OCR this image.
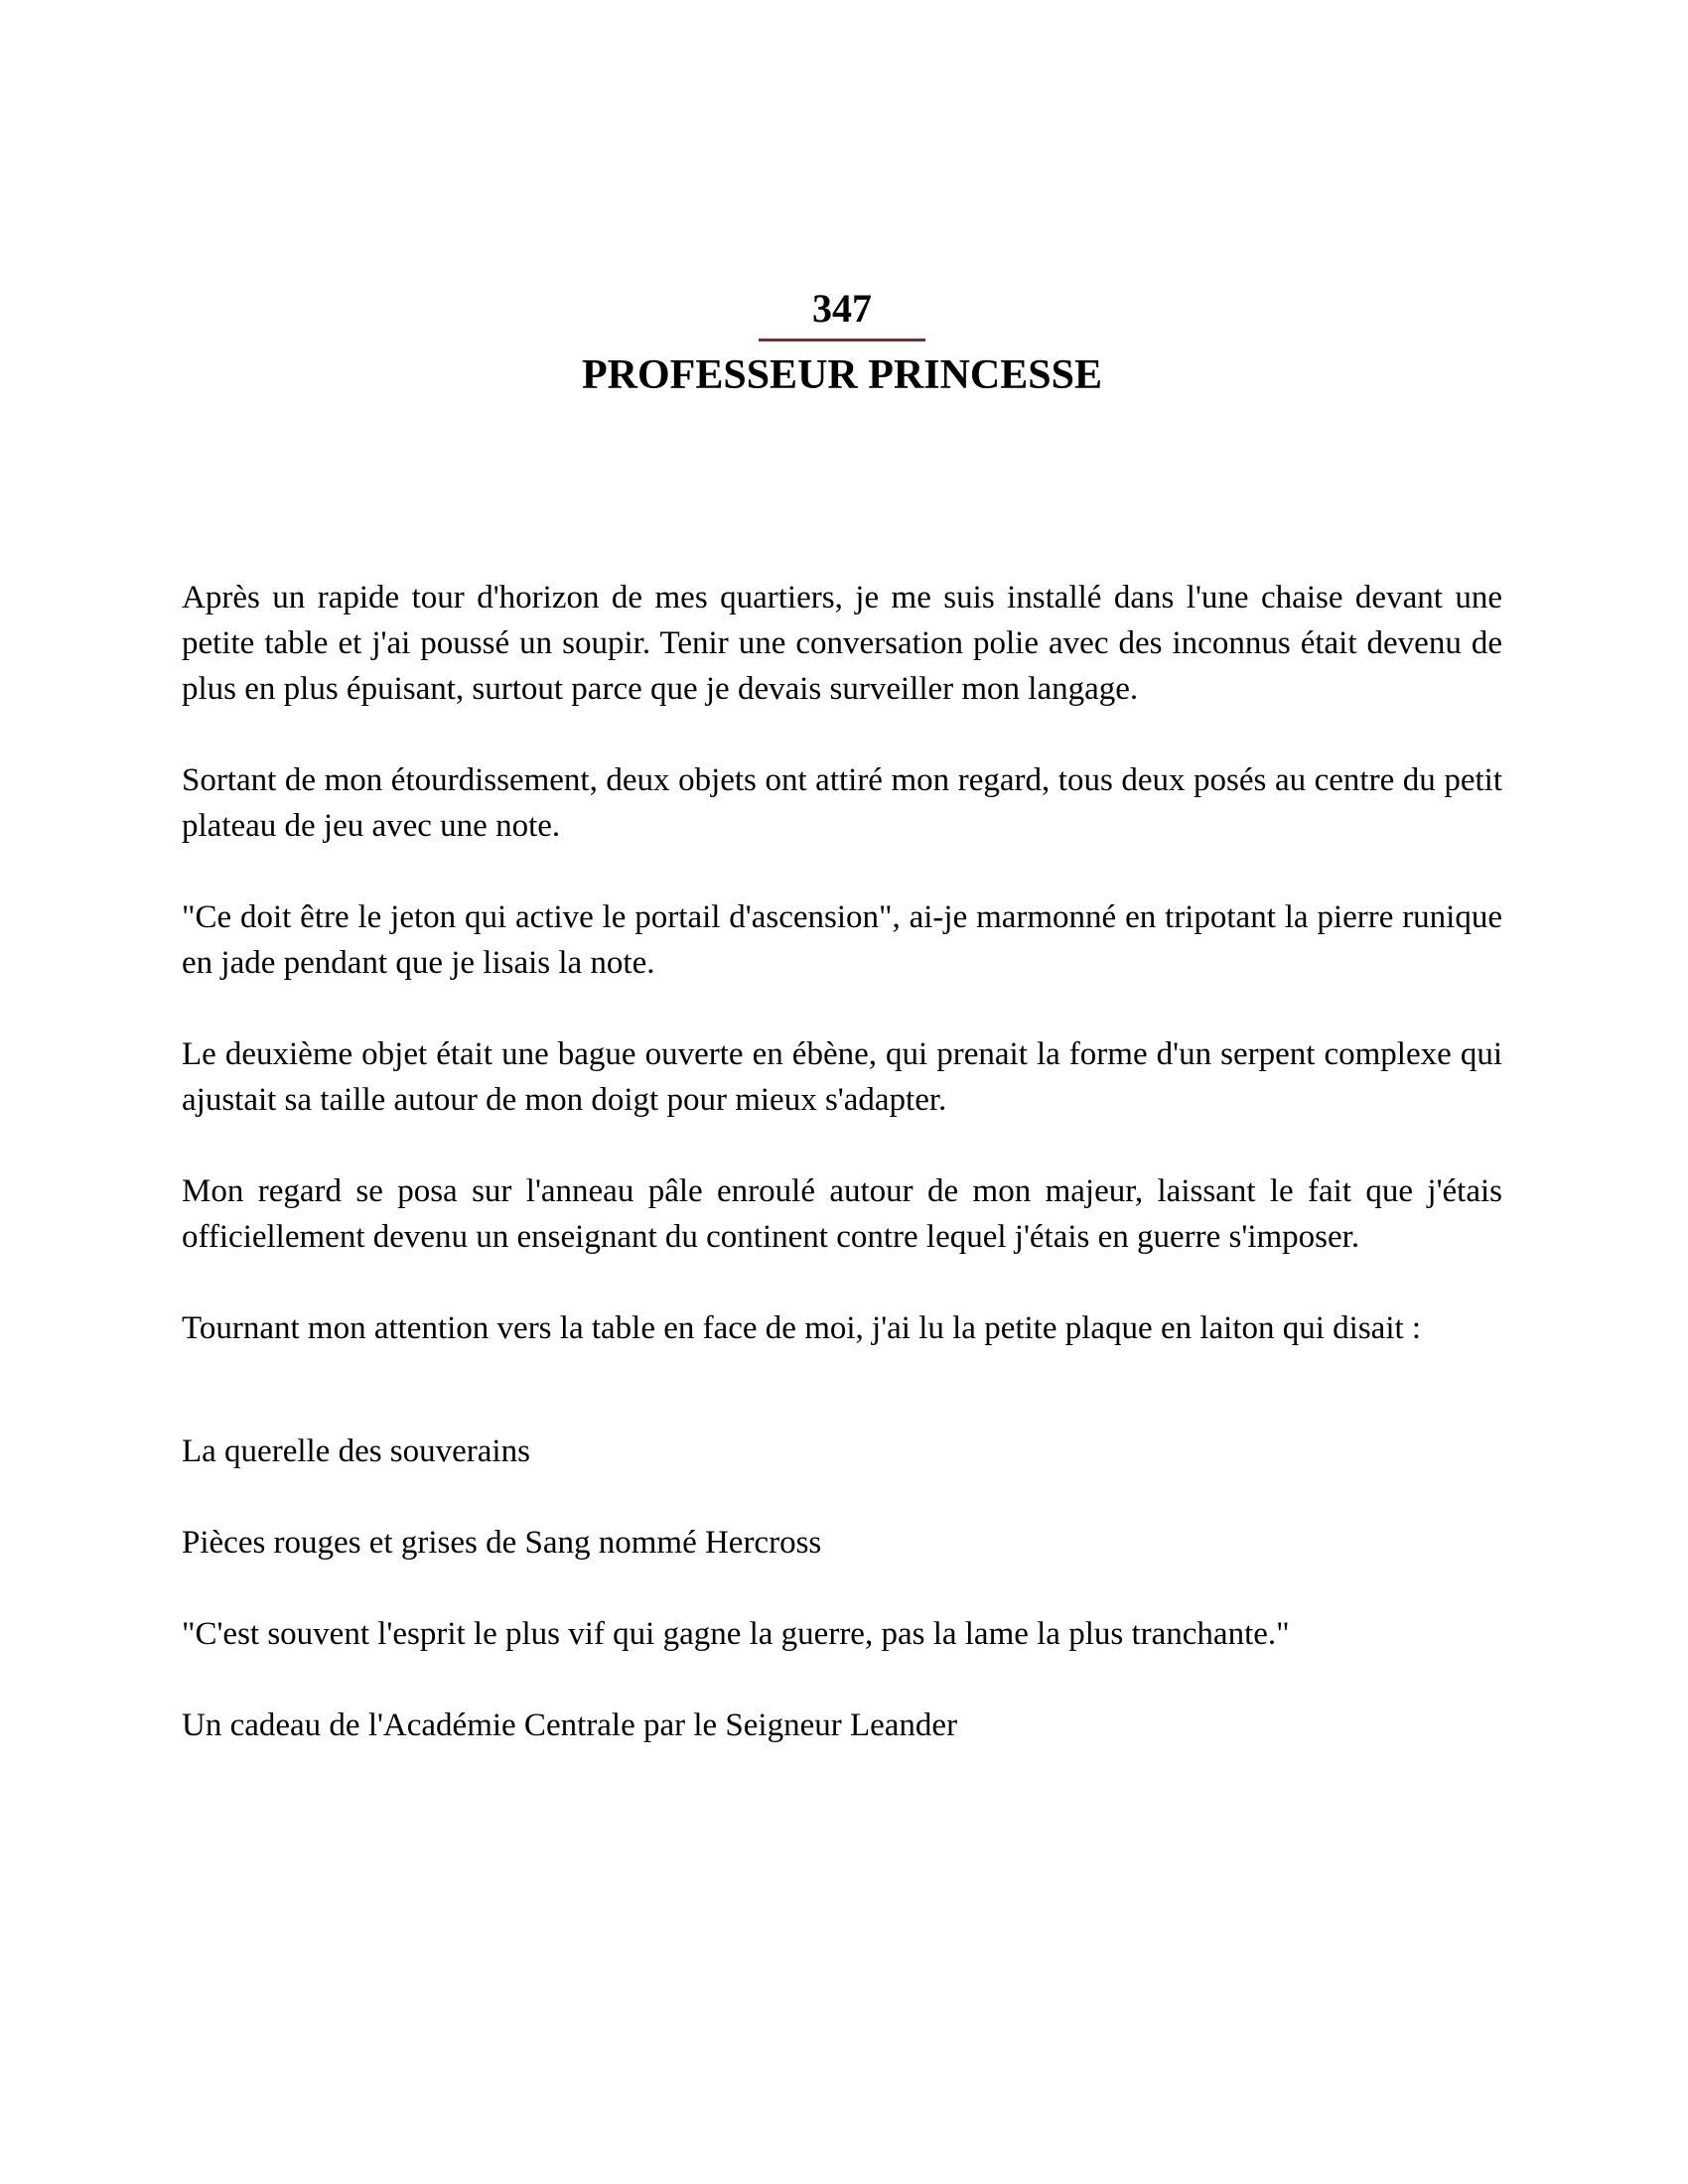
347

PROFESSEUR PRINCESSE

Après un rapide tour d'horizon de mes quartiers, je me suis installé dans l'une chaise devant une petite table et j'ai poussé un soupir. Tenir une conversation polie avec des inconnus était devenu de plus en plus épuisant, surtout parce que je devais surveiller mon langage.

Sortant de mon étourdissement, deux objets ont attiré mon regard, tous deux posés au centre du petit plateau de jeu avec une note.

"Ce doit être le jeton qui active le portail d'ascension", ai-je marmonné en tripotant la pierre runique en jade pendant que je lisais la note.

Le deuxième objet était une bague ouverte en ébène, qui prenait la forme d'un serpent complexe qui ajustait sa taille autour de mon doigt pour mieux s'adapter.

Mon regard se posa sur l'anneau pâle enroulé autour de mon majeur, laissant le fait que j'étais officiellement devenu un enseignant du continent contre lequel j'étais en guerre s'imposer.

Tournant mon attention vers la table en face de moi, j'ai lu la petite plaque en laiton qui disait :

La querelle des souverains

Pièces rouges et grises de Sang nommé Hercross

"C'est souvent l'esprit le plus vif qui gagne la guerre, pas la lame la plus tranchante."

Un cadeau de l'Académie Centrale par le Seigneur Leander
